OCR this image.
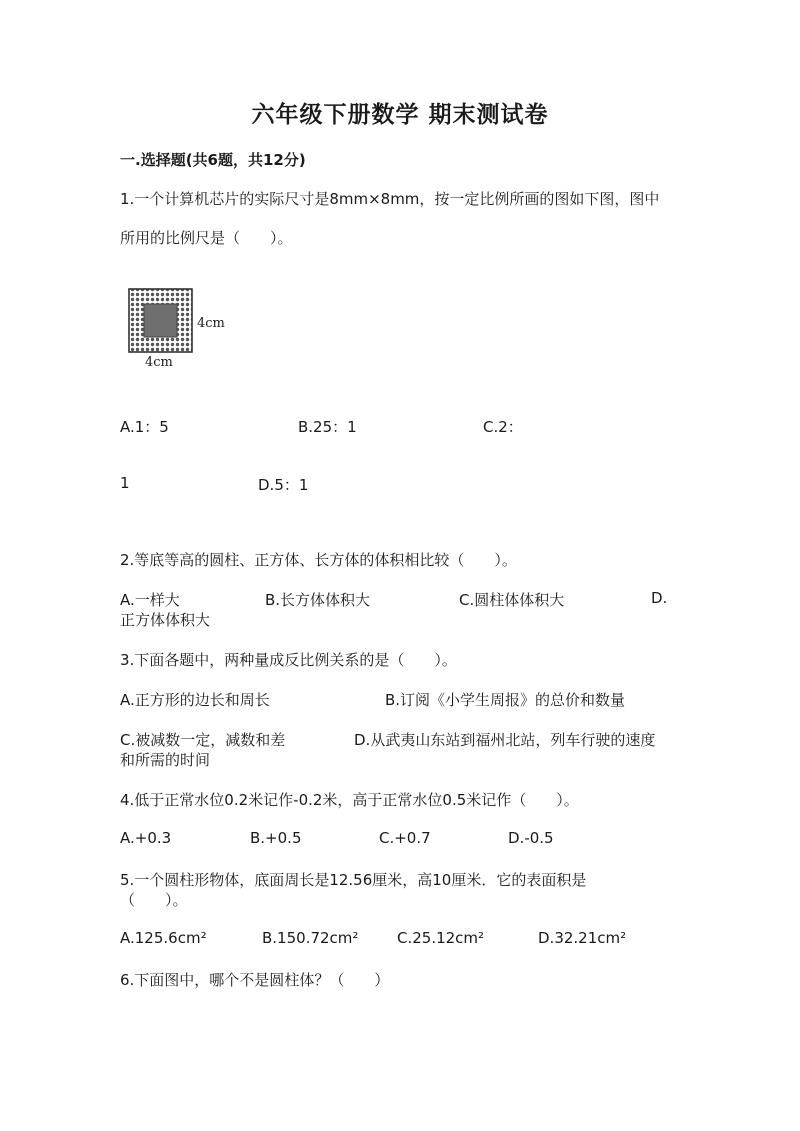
六年级下册数学 期末测试卷
一.选择题(共6题，共12分)
1.一个计算机芯片的实际尺寸是8mm×8mm，按一定比例所画的图如下图，图中
所用的比例尺是（　　）。
4cm
4cm
A.1：5	B.25：1	C.2：
1	D.5：1
2.等底等高的圆柱、正方体、长方体的体积相比较（　　）。
A.一样大	B.长方体体积大	C.圆柱体体积大	D.
正方体体积大
3.下面各题中，两种量成反比例关系的是（　　）。
A.正方形的边长和周长	B.订阅《小学生周报》的总价和数量
C.被减数一定，减数和差	D.从武夷山东站到福州北站，列车行驶的速度
和所需的时间
4.低于正常水位0.2米记作-0.2米，高于正常水位0.5米记作（　　）。
A.+0.3	B.+0.5	C.+0.7	D.-0.5
5.一个圆柱形物体，底面周长是12.56厘米，高10厘米．它的表面积是
（　　）。
A.125.6cm²	B.150.72cm²	C.25.12cm²	D.32.21cm²
6.下面图中，哪个不是圆柱体？（　　）
